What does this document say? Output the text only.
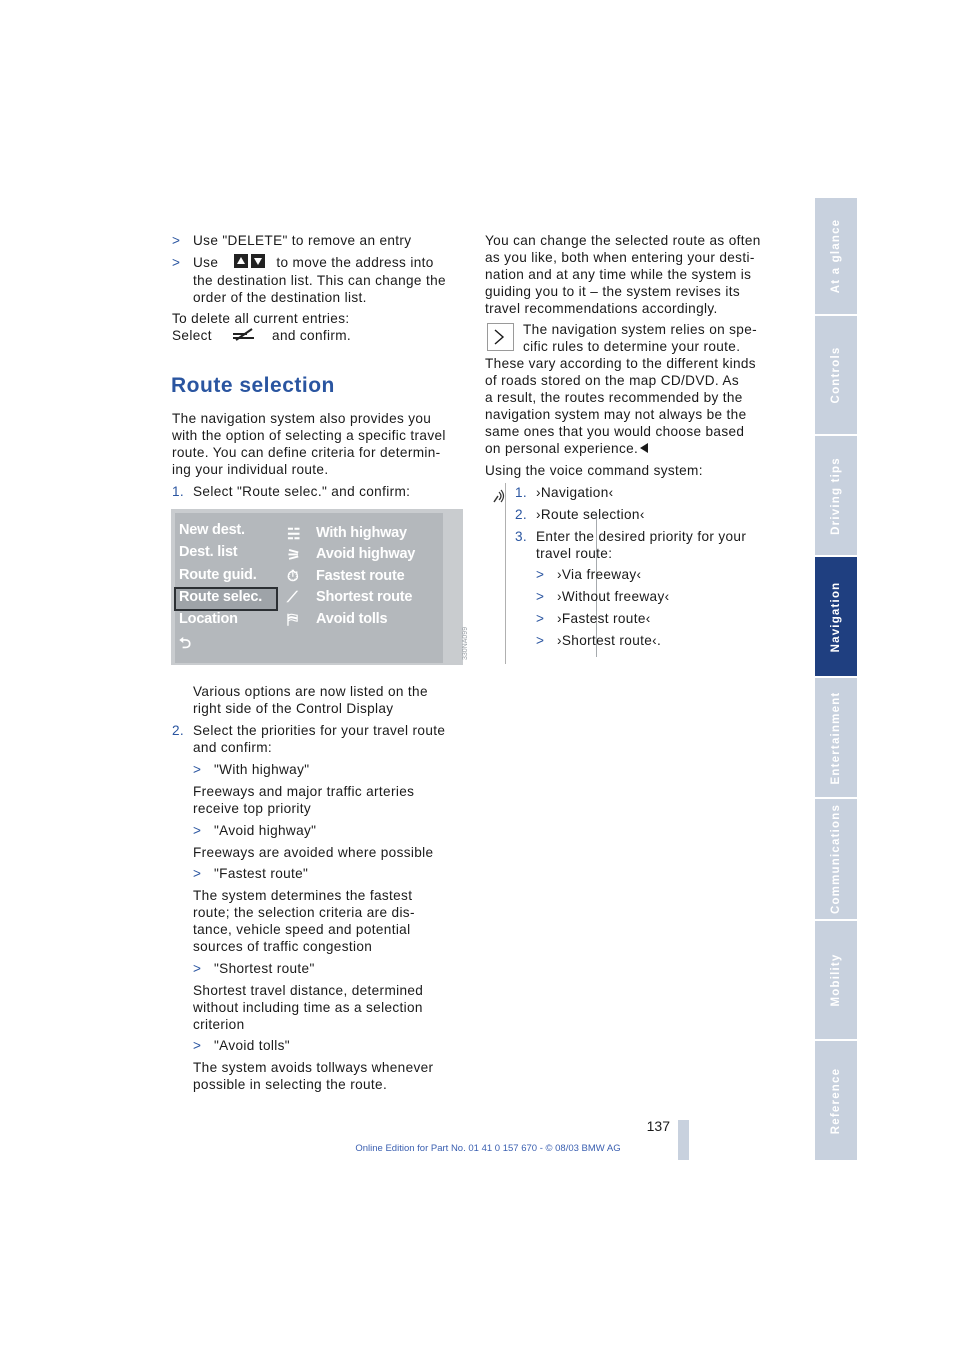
At a glance
Controls
Driving tips
Navigation
Entertainment
Communications
Mobility
Reference
> Use "DELETE" to remove an entry
> Use	to move the address into
the destination list. This can change the
order of the destination list.
To delete all current entries:
Select	and confirm.
Route selection
The navigation system also provides you
with the option of selecting a specific travel
route. You can define criteria for determin-
ing your individual route.
1. Select "Route selec." and confirm:
New dest.
Dest. list
Route guid.
Route selec.
Location
⮌
☵
⚞
⏱
⟋
⛿
With highway
Avoid highway
Fastest route
Shortest route
Avoid tolls
330NA099
Various options are now listed on the
right side of the Control Display
2. Select the priorities for your travel route
and confirm:
> "With highway"
Freeways and major traffic arteries
receive top priority
> "Avoid highway"
Freeways are avoided where possible
> "Fastest route"
The system determines the fastest
route; the selection criteria are dis-
tance, vehicle speed and potential
sources of traffic congestion
> "Shortest route"
Shortest travel distance, determined
without including time as a selection
criterion
> "Avoid tolls"
The system avoids tollways whenever
possible in selecting the route.
You can change the selected route as often
as you like, both when entering your desti-
nation and at any time while the system is
guiding you to it – the system revises its
travel recommendations accordingly.
The navigation system relies on spe-
cific rules to determine your route.
These vary according to the different kinds
of roads stored on the map CD/DVD. As
a result, the routes recommended by the
navigation system may not always be the
same ones that you would choose based
on personal experience.
Using the voice command system:
1. ›Navigation‹
2. ›Route selection‹
3. Enter the desired priority for your
travel route:
> ›Via freeway‹
> ›Without freeway‹
> ›Fastest route‹
> ›Shortest route‹.
137
Online Edition for Part No. 01 41 0 157 670 - © 08/03 BMW AG
